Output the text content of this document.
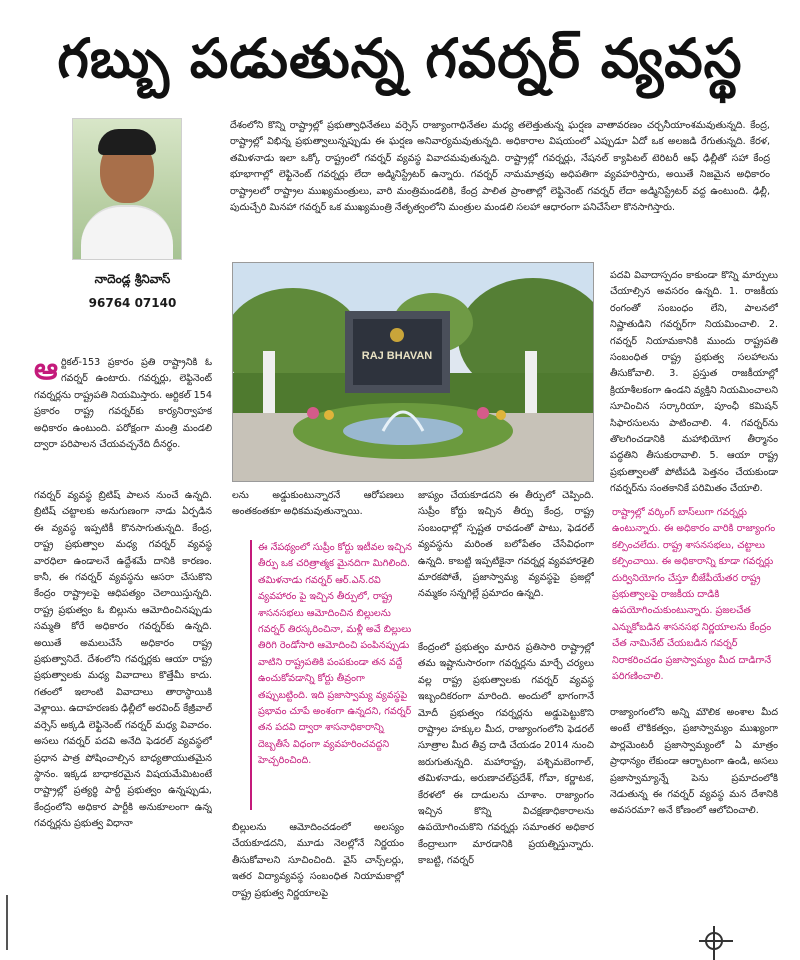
గబ్బు పడుతున్న గవర్నర్ వ్యవస్థ
నాదెండ్ల శ్రీనివాస్
96764 07140
దేశంలోని కొన్ని రాష్ట్రాల్లో ప్రభుత్వాధినేతలు వర్సెస్ రాజ్యాంగాధినేతల మధ్య తలెత్తుతున్న ఘర్షణ వాతావరణం చర్చనీయాంశమవుతున్నది. కేంద్ర, రాష్ట్రాల్లో విభిన్న ప్రభుత్వాలున్నప్పుడు ఈ ఘర్షణ అనివార్యమవుతున్నది. అధికారాల విషయంలో ఎప్పుడూ ఏదో ఒక అలజడి రేగుతున్నది. కేరళ, తమిళనాడు ఇలా ఒక్కో రాష్ట్రంలో గవర్నర్ వ్యవస్థ వివాదమవుతున్నది. రాష్ట్రాల్లో గవర్నర్లు, నేషనల్ క్యాపిటల్ టెరిటరీ ఆఫ్ ఢిల్లీతో సహా కేంద్ర భూభాగాల్లో లెఫ్టినెంట్ గవర్నర్లు లేదా అడ్మినిస్ట్రేటర్ ఉన్నారు. గవర్నర్ నామమాత్రపు అధిపతిగా వ్యవహరిస్తారు, అయితే నిజమైన అధికారం రాష్ట్రాలలో రాష్ట్రాల ముఖ్యమంత్రులు, వారి మంత్రిమండలికి, కేంద్ర పాలిత ప్రాంతాల్లో లెఫ్టినెంట్ గవర్నర్ లేదా అడ్మినిస్ట్రేటర్ వద్ద ఉంటుంది. ఢిల్లీ, పుదుచ్చేరి మినహా గవర్నర్ ఒక ముఖ్యమంత్రి నేతృత్వంలోని మంత్రుల మండలి సలహా ఆధారంగా పనిచేసేలా కొనసాగిస్తారు.
RAJ BHAVAN
ఆర్టికల్-153 ప్రకారం ప్రతి రాష్ట్రానికి ఓ గవర్నర్ ఉంటారు. గవర్నర్లు, లెఫ్టినెంట్ గవర్నర్లను రాష్ట్రపతి నియమిస్తారు. ఆర్టికల్ 154 ప్రకారం రాష్ట్ర గవర్నర్‌కు కార్యనిర్వాహక అధికారం ఉంటుంది. పరోక్షంగా మంత్రి మండలి ద్వారా పరిపాలన చేయవచ్చనేది దీనర్థం.
గవర్నర్ వ్యవస్థ బ్రిటిష్ పాలన నుంచే ఉన్నది. బ్రిటిష్ చట్టాలకు అనుగుణంగా నాడు ఏర్పడిన ఈ వ్యవస్థ ఇప్పటికీ కొనసాగుతున్నది. కేంద్ర, రాష్ట్ర ప్రభుత్వాల మధ్య గవర్నర్ వ్యవస్థ వారధిలా ఉండాలనే ఉద్దేశమే దానికి కారణం. కానీ, ఈ గవర్నర్ వ్యవస్థను ఆసరా చేసుకొని కేంద్రం రాష్ట్రాలపై ఆధిపత్యం చెలాయిస్తున్నది. రాష్ట్ర ప్రభుత్వం ఓ బిల్లును ఆమోదించినప్పుడు సమ్మతి కోరే అధికారం గవర్నర్‌కు ఉన్నది. అయితే అమలుచేసే అధికారం రాష్ట్ర ప్రభుత్వానిదే. దేశంలోని గవర్నర్లకు ఆయా రాష్ట్ర ప్రభుత్వాలకు మధ్య వివాదాలు కొత్తేమీ కాదు. గతంలో ఇలాంటి వివాదాలు తారాస్థాయికి వెళ్లాయి. ఉదాహరణకు ఢిల్లీలో అరవింద్ కేజ్రీవాల్ వర్సెస్ అక్కడి లెఫ్టినెంట్ గవర్నర్ మధ్య వివాదం. అసలు గవర్నర్ పదవి అనేది ఫెడరల్ వ్యవస్థలో ప్రధాన పాత్ర పోషించాల్సిన బాధ్యతాయుతమైన స్థానం. ఇక్కడ బాధాకరమైన విషయమేమిటంటే రాష్ట్రాల్లో ప్రత్యర్థి పార్టీ ప్రభుత్వం ఉన్నప్పుడు, కేంద్రంలోని అధికార పార్టీకి అనుకూలంగా ఉన్న గవర్నర్లను ప్రభుత్వ విధానా
లను అడ్డుకుంటున్నారనే ఆరోపణలు అంతకంతకూ అధికమవుతున్నాయి.
ఈ నేపథ్యంలో సుప్రీం కోర్టు ఇటీవల ఇచ్చిన తీర్పు ఒక చరిత్రాత్మక మైనదిగా మిగిలింది. తమిళనాడు గవర్నర్ ఆర్.ఎన్.రవి వ్యవహారం పై ఇచ్చిన తీర్పులో, రాష్ట్ర శాసనసభలు ఆమోదించిన బిల్లులను గవర్నర్ తిరస్కరించినా, మళ్లీ అవే బిల్లులు తిరిగి రెండోసారి ఆమోదించి పంపినప్పుడు వాటిని రాష్ట్రపతికి పంపకుండా తన వద్దే ఉంచుకోవడాన్ని కోర్టు తీవ్రంగా తప్పుబట్టింది. ఇది ప్రజాస్వామ్య వ్యవస్థపై ప్రభావం చూపే అంశంగా ఉన్నదని, గవర్నర్ తన పదవి ద్వారా శాసనాధికారాన్ని దెబ్బతీసే విధంగా వ్యవహరించవద్దని హెచ్చరించింది.
బిల్లులను ఆమోదించడంలో అలస్యం చేయకూడదని, మూడు నెలల్లోనే నిర్ణయం తీసుకోవాలని సూచించింది. వైస్ చాన్స్‌లర్లు, ఇతర విద్యావ్యవస్థ సంబంధిత నియామకాల్లో రాష్ట్ర ప్రభుత్వ నిర్ణయాలపై
జాప్యం చేయకూడదని ఈ తీర్పులో చెప్పింది. సుప్రీం కోర్టు ఇచ్చిన తీర్పు కేంద్ర, రాష్ట్ర సంబంధాల్లో స్పష్టత రావడంతో పాటు, ఫెడరల్ వ్యవస్థను మరింత బలోపేతం చేసేవిధంగా ఉన్నది. కాబట్టి ఇప్పటికైనా గవర్నర్ల వ్యవహారశైలి మారకపోతే, ప్రజాస్వామ్య వ్యవస్థపై ప్రజల్లో నమ్మకం సన్నగిల్లే ప్రమాదం ఉన్నది.
కేంద్రంలో ప్రభుత్వం మారిన ప్రతిసారి రాష్ట్రాల్లో తమ ఇష్టానుసారంగా గవర్నర్లను మార్చే చర్యలు వల్ల రాష్ట్ర ప్రభుత్వాలకు గవర్నర్ వ్యవస్థ ఇబ్బందికరంగా మారింది. అందులో భాగంగానే మోదీ ప్రభుత్వం గవర్నర్లను అడ్డుపెట్టుకొని రాష్ట్రాల హక్కుల మీద, రాజ్యాంగంలోని ఫెడరల్ సూత్రాల మీద తీవ్ర దాడి చేయడం 2014 నుంచి జరుగుతున్నది. మహారాష్ట్ర, పశ్చిమబెంగాల్, తమిళనాడు, అరుణాచల్‌ప్రదేశ్, గోవా, కర్ణాటక, కేరళలో ఈ దాడులను చూశాం. రాజ్యాంగం ఇచ్చిన కొన్ని విచక్షణాధికారాలను ఉపయోగించుకొని గవర్నర్లు సమాంతర అధికార కేంద్రాలుగా మారడానికి ప్రయత్నిస్తున్నారు. కాబట్టి, గవర్నర్
పదవి వివాదాస్పదం కాకుండా కొన్ని మార్పులు చేయాల్సిన అవసరం ఉన్నది. 1. రాజకీయ రంగంతో సంబంధం లేని, పాలనలో నిష్ణాతుడిని గవర్నర్‌గా నియమించాలి. 2. గవర్నర్ నియామకానికి ముందు రాష్ట్రపతి సంబంధిత రాష్ట్ర ప్రభుత్వ సలహాలను తీసుకోవాలి. 3. ప్రస్తుత రాజకీయాల్లో క్రియాశీలకంగా ఉండని వ్యక్తిని నియమించాలని సూచించిన సర్కారియా, పూంఛీ కమిషన్ సిఫారసులను పాటించాలి. 4. గవర్నర్‌ను తొలగించడానికి మహాభియోగ తీర్మానం పద్ధతిని తీసుకురావాలి. 5. ఆయా రాష్ట్ర ప్రభుత్వాలతో పోటీపడి పెత్తనం చేయకుండా గవర్నర్‌ను సంతకానికే పరిమితం చేయాలి.
రాష్ట్రాల్లో వర్కింగ్ బాస్‌లుగా గవర్నర్లు ఉంటున్నారు. ఈ అధికారం వారికి రాజ్యాంగం కల్పించలేదు. రాష్ట్ర శాసనసభలు, చట్టాలు కల్పించాయి. ఈ అధికారాన్ని కూడా గవర్నర్లు దుర్వినియోగం చేస్తూ బీజేపీయేతర రాష్ట్ర ప్రభుత్వాలపై రాజకీయ దాడికి ఉపయోగించుకుంటున్నారు. ప్రజలచేత ఎన్నుకోబడిన శాసనసభ నిర్ణయాలను కేంద్రం చేత నామినేట్ చేయబడిన గవర్నర్ నిరాకరించడం ప్రజాస్వామ్యం మీద దాడిగానే పరిగణించాలి.
రాజ్యాంగంలోని అన్ని మౌలిక అంశాల మీద అంటే లౌకికత్వం, ప్రజాస్వామ్యం ముఖ్యంగా పార్లమెంటరీ ప్రజాస్వామ్యంలో ఏ మాత్రం ప్రాధాన్యం లేకుండా ఆర్భాటంగా ఉండి, అసలు ప్రజాస్వామ్యాన్నే పెను ప్రమాదంలోకి నెడుతున్న ఈ గవర్నర్ వ్యవస్థ మన దేశానికి అవసరమా? అనే కోణంలో ఆలోచించాలి.
